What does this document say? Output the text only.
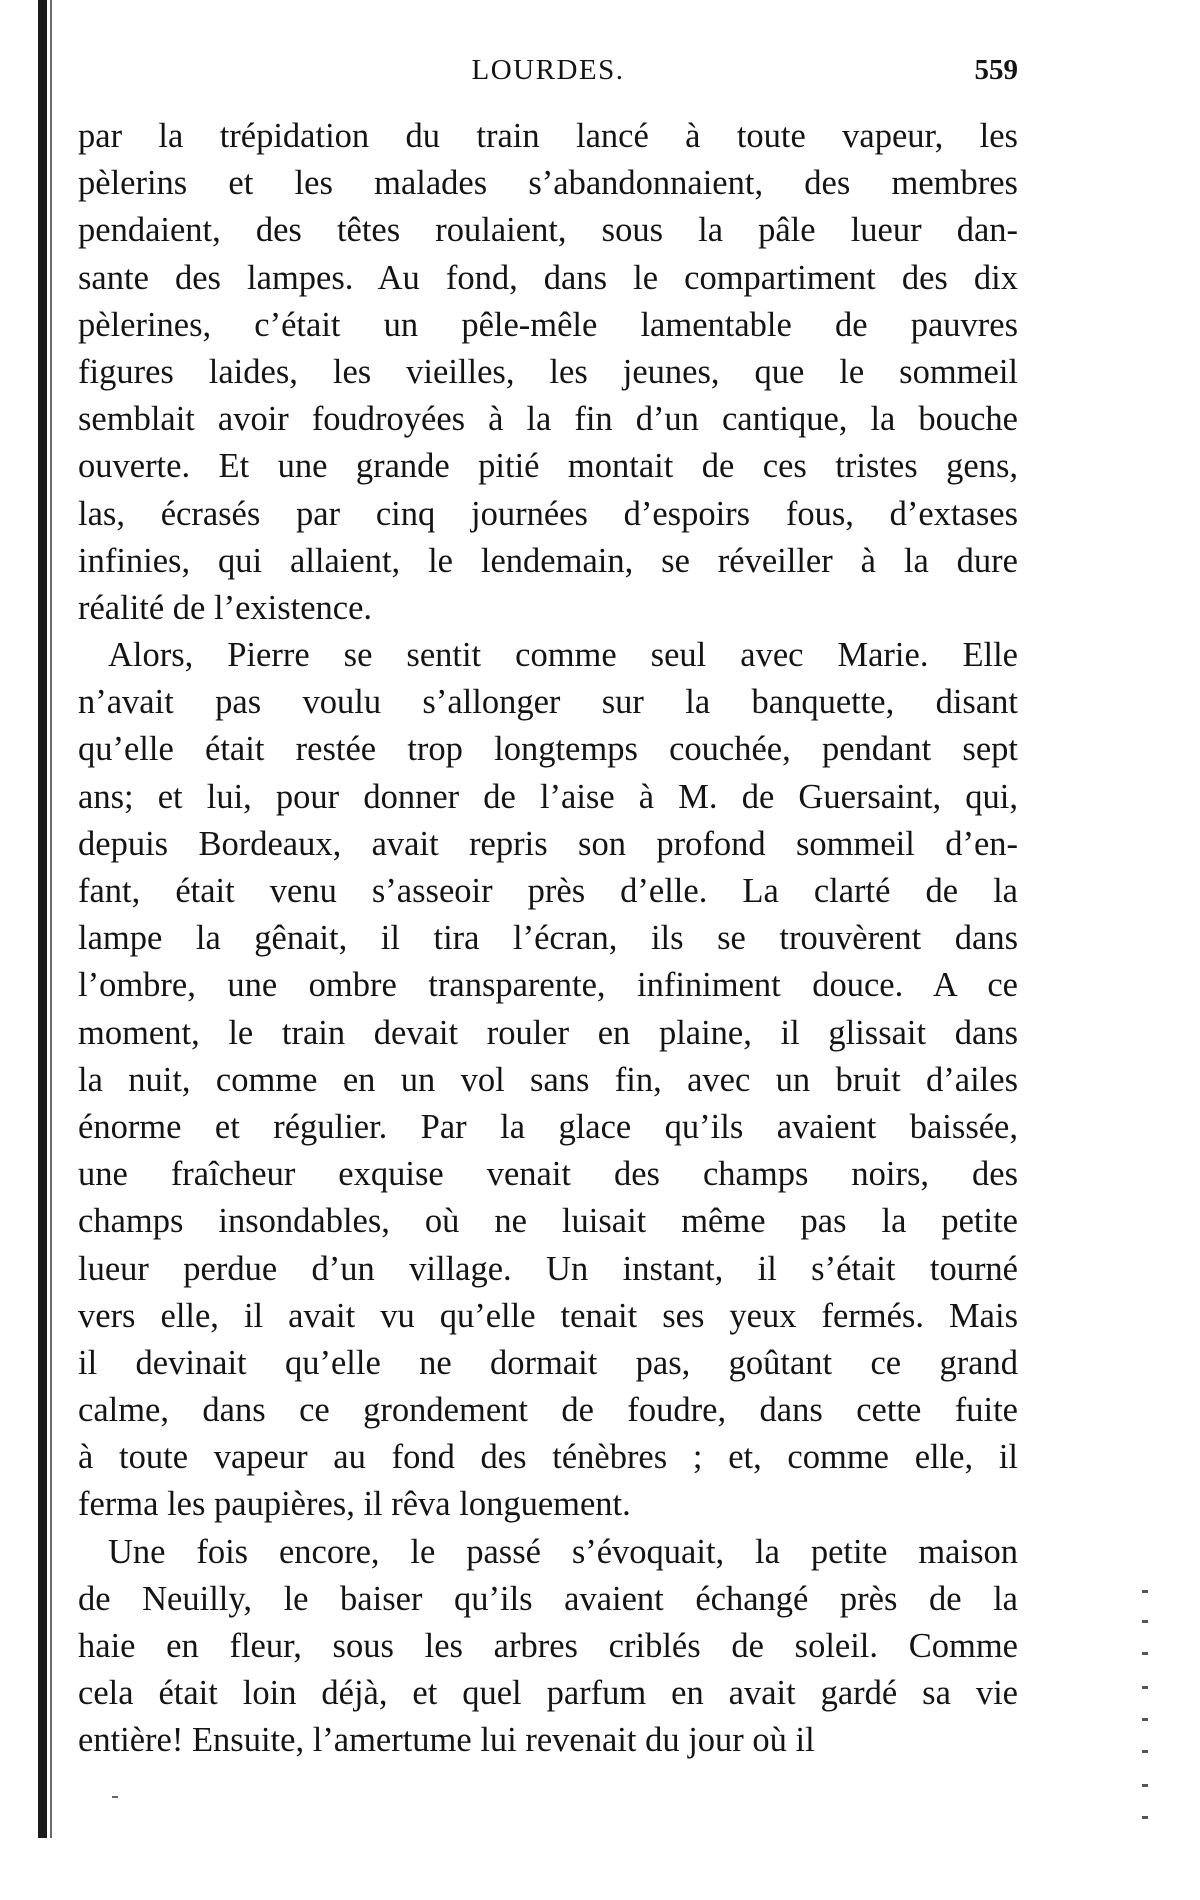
LOURDES.	559
par la trépidation du train lancé à toute vapeur, les
pèlerins et les malades s’abandonnaient, des membres
pendaient, des têtes roulaient, sous la pâle lueur dan-
sante des lampes. Au fond, dans le compartiment des dix
pèlerines, c’était un pêle-mêle lamentable de pauvres
figures laides, les vieilles, les jeunes, que le sommeil
semblait avoir foudroyées à la fin d’un cantique, la bouche
ouverte. Et une grande pitié montait de ces tristes gens,
las, écrasés par cinq journées d’espoirs fous, d’extases
infinies, qui allaient, le lendemain, se réveiller à la dure
réalité de l’existence.
Alors, Pierre se sentit comme seul avec Marie. Elle
n’avait pas voulu s’allonger sur la banquette, disant
qu’elle était restée trop longtemps couchée, pendant sept
ans; et lui, pour donner de l’aise à M. de Guersaint, qui,
depuis Bordeaux, avait repris son profond sommeil d’en-
fant, était venu s’asseoir près d’elle. La clarté de la
lampe la gênait, il tira l’écran, ils se trouvèrent dans
l’ombre, une ombre transparente, infiniment douce. A ce
moment, le train devait rouler en plaine, il glissait dans
la nuit, comme en un vol sans fin, avec un bruit d’ailes
énorme et régulier. Par la glace qu’ils avaient baissée,
une fraîcheur exquise venait des champs noirs, des
champs insondables, où ne luisait même pas la petite
lueur perdue d’un village. Un instant, il s’était tourné
vers elle, il avait vu qu’elle tenait ses yeux fermés. Mais
il devinait qu’elle ne dormait pas, goûtant ce grand
calme, dans ce grondement de foudre, dans cette fuite
à toute vapeur au fond des ténèbres ; et, comme elle, il
ferma les paupières, il rêva longuement.
Une fois encore, le passé s’évoquait, la petite maison
de Neuilly, le baiser qu’ils avaient échangé près de la
haie en fleur, sous les arbres criblés de soleil. Comme
cela était loin déjà, et quel parfum en avait gardé sa vie
entière! Ensuite, l’amertume lui revenait du jour où il
